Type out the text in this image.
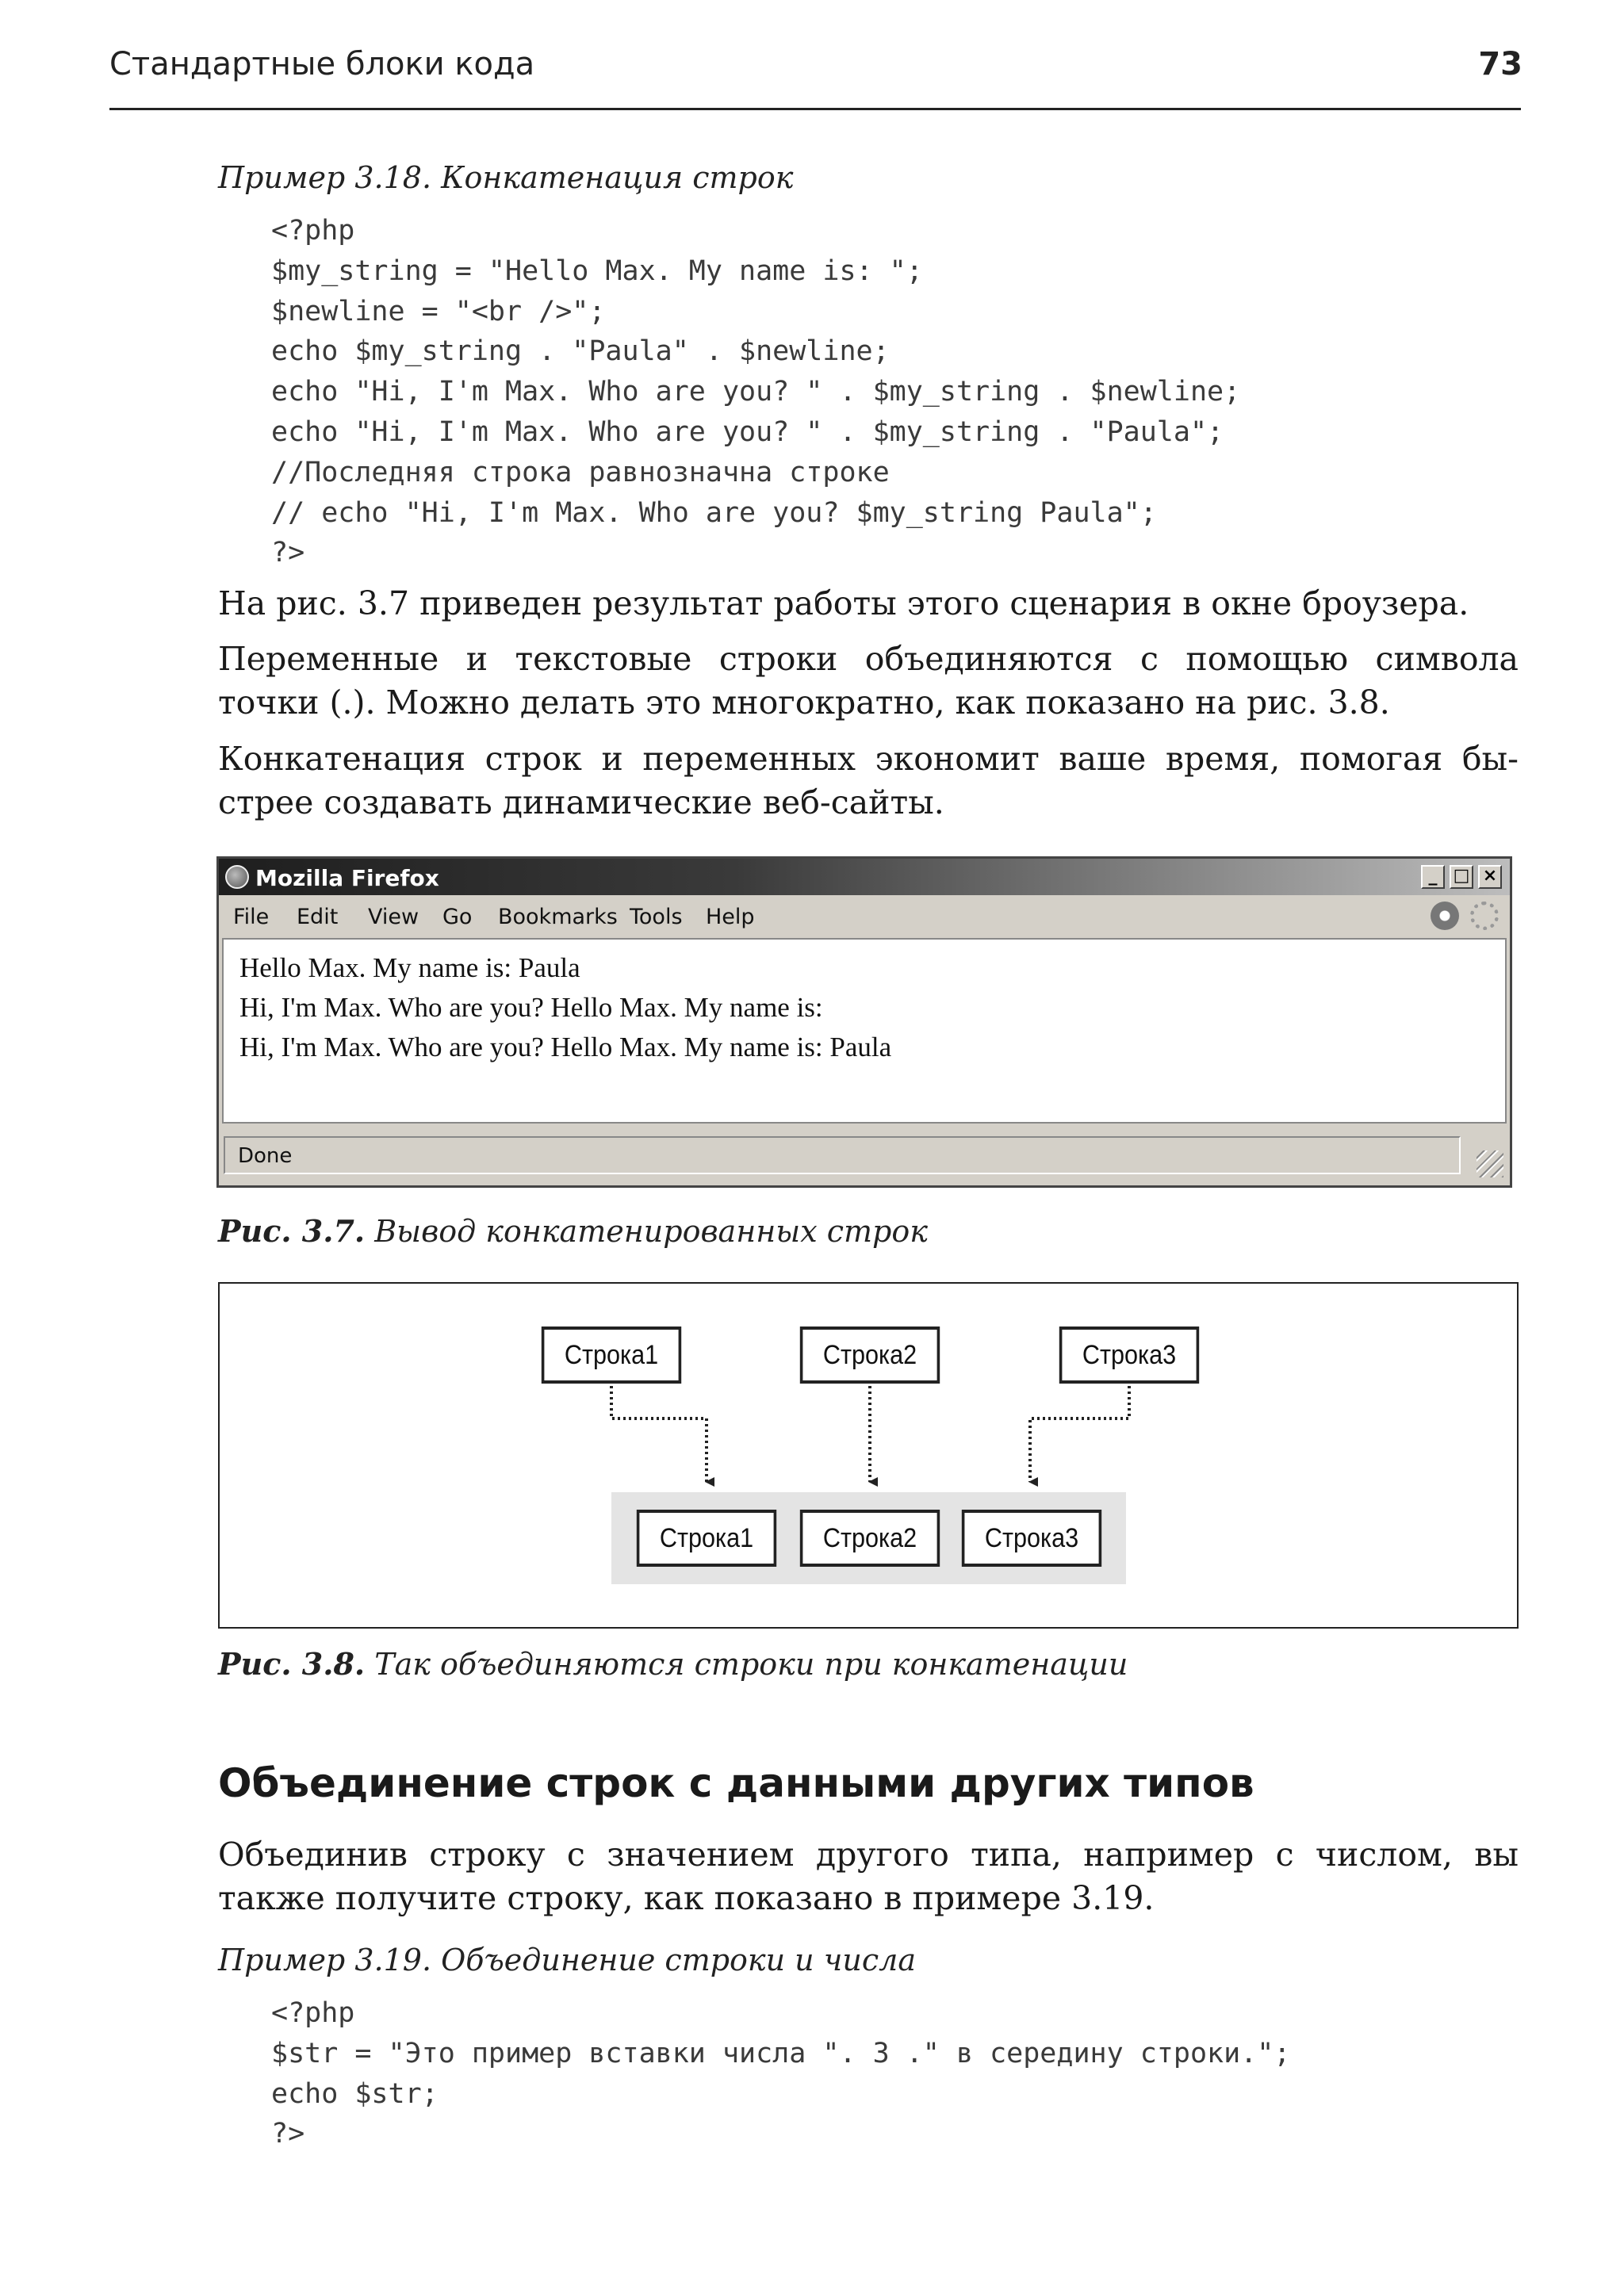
Стандартные блоки кода	73
Пример 3.18. Конкатенация строк
<?php
$my_string = "Hello Max. My name is: ";
$newline = "<br />";
echo $my_string . "Paula" . $newline;
echo "Hi, I'm Max. Who are you? " . $my_string . $newline;
echo "Hi, I'm Max. Who are you? " . $my_string . "Paula";
//Последняя строка равнозначна строке
// echo "Hi, I'm Max. Who are you? $my_string Paula";
?>
На рис. 3.7 приведен результат работы этого сценария в окне броузера.
Переменные и текстовые строки объединяются с помощью символа
точки (.). Можно делать это многократно, как показано на рис. 3.8.
Конкатенация строк и переменных экономит ваше время, помогая бы-
стрее создавать динамические веб-сайты.
Mozilla Firefox	_ □ ×
File Edit View Go Bookmarks Tools Help
Hello Max. My name is: Paula
Hi, I'm Max. Who are you? Hello Max. My name is:
Hi, I'm Max. Who are you? Hello Max. My name is: Paula
Done
Рис. 3.7. Вывод конкатенированных строк
Строка1	Строка2	Строка3
Строка1	Строка2	Строка3
Рис. 3.8. Так объединяются строки при конкатенации
Объединение строк с данными других типов
Объединив строку с значением другого типа, например с числом, вы
также получите строку, как показано в примере 3.19.
Пример 3.19. Объединение строки и числа
<?php
$str = "Это пример вставки числа ". 3 ." в середину строки.";
echo $str;
?>
